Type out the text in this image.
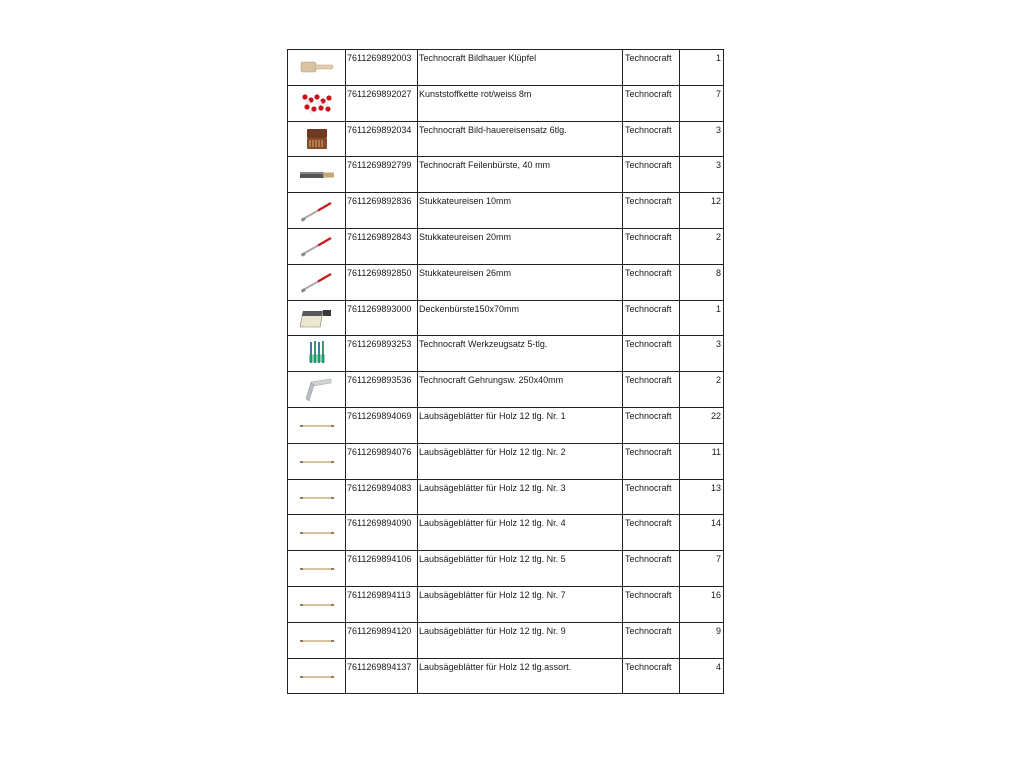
	7611269892003	Technocraft Bildhauer Klüpfel	Technocraft	1

	7611269892027	Kunststoffkette rot/weiss 8m	Technocraft	7

	7611269892034	Technocraft Bild-hauereisensatz 6tlg.	Technocraft	3

	7611269892799	Technocraft Feilenbürste, 40 mm	Technocraft	3

	7611269892836	Stukkateureisen 10mm	Technocraft	12

	7611269892843	Stukkateureisen 20mm	Technocraft	2

	7611269892850	Stukkateureisen 26mm	Technocraft	8

	7611269893000	Deckenbürste150x70mm	Technocraft	1

	7611269893253	Technocraft Werkzeugsatz 5-tlg.	Technocraft	3

	7611269893536	Technocraft Gehrungsw. 250x40mm	Technocraft	2

	7611269894069	Laubsägeblätter für Holz 12 tlg. Nr. 1	Technocraft	22

	7611269894076	Laubsägeblätter für Holz 12 tlg. Nr. 2	Technocraft	11

	7611269894083	Laubsägeblätter für Holz 12 tlg. Nr. 3	Technocraft	13

	7611269894090	Laubsägeblätter für Holz 12 tlg. Nr. 4	Technocraft	14

	7611269894106	Laubsägeblätter für Holz 12 tlg. Nr. 5	Technocraft	7

	7611269894113	Laubsägeblätter für Holz 12 tlg. Nr. 7	Technocraft	16

	7611269894120	Laubsägeblätter für Holz 12 tlg. Nr. 9	Technocraft	9

	7611269894137	Laubsägeblätter für Holz 12 tlg.assort.	Technocraft	4
